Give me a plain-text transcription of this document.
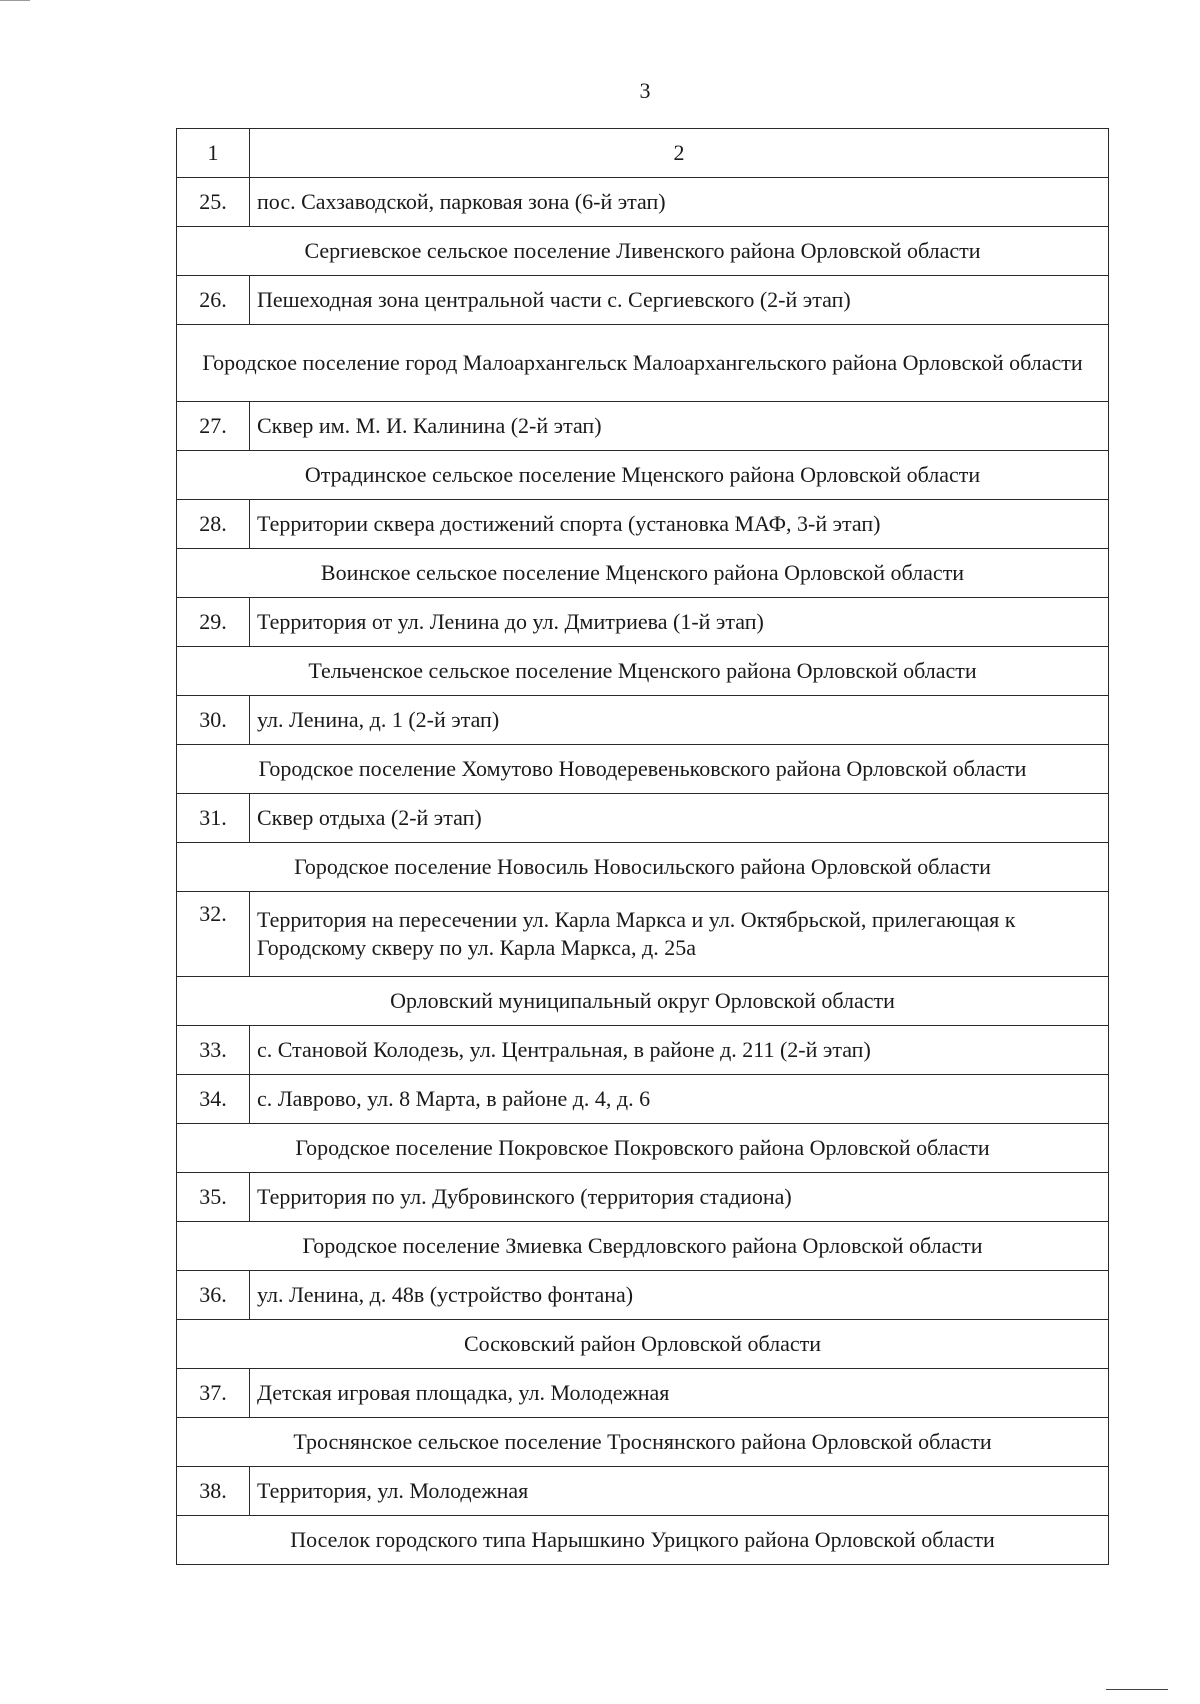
3
1	2
25.	пос. Сахзаводской, парковая зона (6-й этап)
Сергиевское сельское поселение Ливенского района Орловской области	
26.	Пешеходная зона центральной части с. Сергиевского (2-й этап)
Городское поселение город Малоархангельск Малоархангельского района Орловской области	
27.	Сквер им. М. И. Калинина (2-й этап)
Отрадинское сельское поселение Мценского района Орловской области	
28.	Территории сквера достижений спорта (установка МАФ, 3-й этап)
Воинское сельское поселение Мценского района Орловской области	
29.	Территория от ул. Ленина до ул. Дмитриева (1-й этап)
Тельченское сельское поселение Мценского района Орловской области	
30.	ул. Ленина, д. 1 (2-й этап)
Городское поселение Хомутово Новодеревеньковского района Орловской области	
31.	Сквер отдыха (2-й этап)
Городское поселение Новосиль Новосильского района Орловской области	
32.	Территория на пересечении ул. Карла Маркса и ул. Октябрьской, прилегающая к Городскому скверу по ул. Карла Маркса, д. 25а
Орловский муниципальный округ Орловской области	
33.	с. Становой Колодезь, ул. Центральная, в районе д. 211 (2-й этап)
34.	с. Лаврово, ул. 8 Марта, в районе д. 4, д. 6
Городское поселение Покровское Покровского района Орловской области	
35.	Территория по ул. Дубровинского (территория стадиона)
Городское поселение Змиевка Свердловского района Орловской области	
36.	ул. Ленина, д. 48в (устройство фонтана)
Сосковский район Орловской области	
37.	Детская игровая площадка, ул. Молодежная
Троснянское сельское поселение Троснянского района Орловской области	
38.	Территория, ул. Молодежная
Поселок городского типа Нарышкино Урицкого района Орловской области	
